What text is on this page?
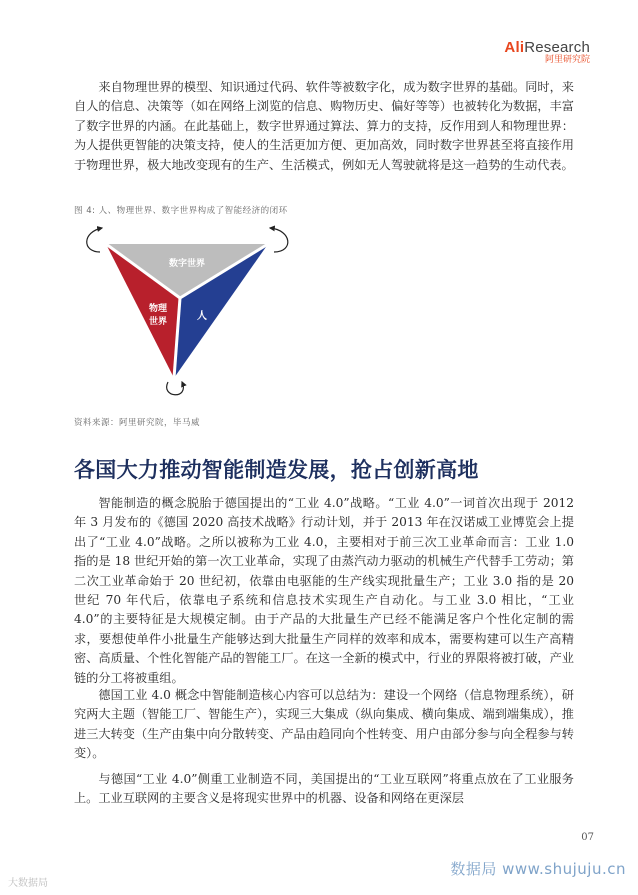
AliResearch
阿里研究院

来自物理世界的模型、知识通过代码、软件等被数字化，成为数字世界的基础。同时，来自人的信息、决策等（如在网络上浏览的信息、购物历史、偏好等等）也被转化为数据，丰富了数字世界的内涵。在此基础上，数字世界通过算法、算力的支持，反作用到人和物理世界：为人提供更智能的决策支持，使人的生活更加方便、更加高效，同时数字世界甚至将直接作用于物理世界，极大地改变现有的生产、生活模式，例如无人驾驶就将是这一趋势的生动代表。

图 4: 人、物理世界、数字世界构成了智能经济的闭环
数字世界
物理
世界	人
资料来源：阿里研究院，毕马威
各国大力推动智能制造发展，抢占创新高地

智能制造的概念脱胎于德国提出的“工业 4.0”战略。“工业 4.0”一词首次出现于 2012 年 3 月发布的《德国 2020 高技术战略》行动计划，并于 2013 年在汉诺威工业博览会上提出了“工业 4.0”战略。之所以被称为工业 4.0，主要相对于前三次工业革命而言：工业 1.0 指的是 18 世纪开始的第一次工业革命，实现了由蒸汽动力驱动的机械生产代替手工劳动；第二次工业革命始于 20 世纪初，依靠由电驱能的生产线实现批量生产；工业 3.0 指的是 20 世纪 70 年代后，依靠电子系统和信息技术实现生产自动化。与工业 3.0 相比，“工业 4.0”的主要特征是大规模定制。由于产品的大批量生产已经不能满足客户个性化定制的需求，要想使单件小批量生产能够达到大批量生产同样的效率和成本，需要构建可以生产高精密、高质量、个性化智能产品的智能工厂。在这一全新的模式中，行业的界限将被打破，产业链的分工将被重组。

德国工业 4.0 概念中智能制造核心内容可以总结为：建设一个网络（信息物理系统），研究两大主题（智能工厂、智能生产），实现三大集成（纵向集成、横向集成、端到端集成），推进三大转变（生产由集中向分散转变、产品由趋同向个性转变、用户由部分参与向全程参与转变）。

与德国“工业 4.0”侧重工业制造不同，美国提出的“工业互联网”将重点放在了工业服务上。工业互联网的主要含义是将现实世界中的机器、设备和网络在更深层

07
大数据局
数据局 www.shujuju.cn
